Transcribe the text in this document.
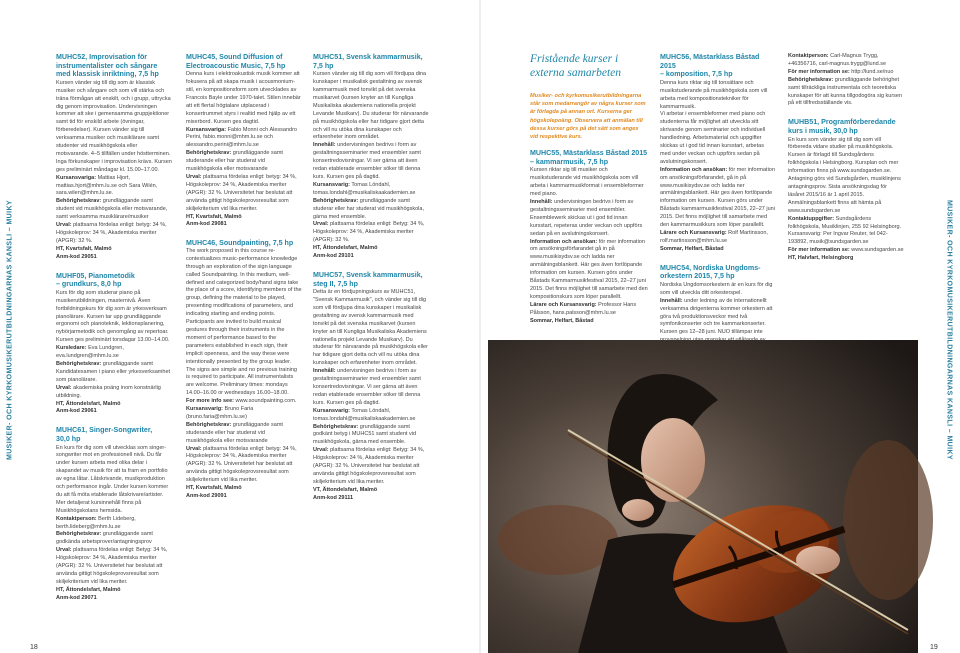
MUSIKER- OCH KYRKOMUSIKERUTBILDNINGARNAS KANSLI – MUIKY	MUSIKER- OCH KYRKOMUSIKERUTBILDNINGARNAS KANSLI – MUIKY
18	19
MUHC52, Improvisation för
instrumentalister och sångare med klassisk inriktning, 7,5 hp

Kursen vänder sig till dig som är klassisk musiker och sångare och som vill stärka och träna förmågan att enskilt, och i grupp, uttrycka dig genom improvisation. Undervisningen kommer att ske i gemensamma gruppjektioner samt tid för enskild arbete (övningar, förberedelser). Kursen vänder sig till verksamma musiker och musiklärare samt studenter vid musikhögskola eller motsvarande. 4–5 tillfällen under höstterminen. Inga förkunskaper i improvisation krävs. Kursen ges preliminärt måndagar kl. 15.00–17.00.

Kursansvariga: Mattias Hjort, mattias.hjort@mhm.lu.se och Sara Wilén, sara.wilen@mhm.lu.se.

Behörighetskrav: grundläggande samt student vid musikhögskola eller motsvarande, samt verksamma musiklärare/musiker

Urval: plattsarna fördelas enligt: betyg: 34 %, Högskoleprov: 34 %, Akademiska meriter (APGR): 32 %.

HT, Kvartsfalt, Malmö

Anm-kod 29051

MUHF05, Pianometodik
– grundkurs, 8,0 hp

Kurs för dig som studerar piano på musikerutbildningen, masternivå. Även fortbildningskurs för dig som är yrkesverksam pianolärare. Kursen tar upp grundläggande ergonomi och pianoteknik, lektionsplanering, nybörjarmetodik och genomgång av repertoar. Kursen ges preliminärt torsdagar 13.00–14.00.

Kursledare: Eva Lundgren, eva.lundgren@mhm.lu.se

Behörighetskrav: grundläggande samt Kandidatexamen i piano eller yrkesverksamhet som pianolärare.

Urval: akademiska poäng inom konstnärlig utbildning.

HT, Ättondelsfart, Malmö

Anm-kod 29061

MUHC61, Singer-Songwriter,
30,0 hp

En kurs för dig som vill utvecklas som singer-songwriter mot en professionell nivå. Du får under kursen arbeta med olika delar i skapandet av musik för att ta fram en portfolio av egna låtar. Låtskrivande, musikproduktion och performance ingår. Under kursen kommer du att få möta etablerade låtskrivare/artister. Mer detaljerat kursinnehåll finns på Musikhögskolans hemsida.

Kontaktperson: Berth Lideberg, berth.lideberg@mhm.lu.se

Behörighetskrav: grundläggande samt godkända arbetsprover/antagningsprov

Urval: plattsarna fördelas enligt: Betyg: 34 %, Högskoleprov: 34 %, Akademiska meriter (APGR): 32 %. Universitetet har beslutat att använda gittigt högskoleprovsresultat som skiljekriterium vid lika meriter.

HT, Ättondelsfart, Malmö

Anm-kod 29071

MUHC45, Sound Diffusion of
Electroacoustic Music, 7,5 hp

Denna kurs i elektroakustisk musik kommer att fokusera på att skapa musik i acousmonium-stil, en kompositionsform som utvecklades av Francois Bayle under 1970-talet. Stilen innebär att ett flertal högtalare utplacerad i konsertrummet styrs i realtid med hjälp av ett mixerbord. Kursen ges dagtid.

Kursansvariga: Fabio Monni och Alessandro Perini, fabio.monni@mhm.lu.se och alessandro.perini@mhm.lu.se

Behörighetskrav: grundläggande samt studerande eller har studerat vid musikhögskola eller motsvarande

Urval: plattsarna fördelas enligt: betyg: 34 %, Högskoleprov: 34 %, Akademiska meriter (APGR): 32 %. Universitetet har beslutat att använda gittigt högskoleprovsresultat som skiljekriterium vid lika meriter.

HT, Kvartsfalt, Malmö

Anm-kod 29081

MUHC46, Soundpainting, 7,5 hp

The work proposed in this course re-contextualizes music-performance knowledge through an exploration of the sign language called Soundpainting. In this medium, well-defined and categorized body/hand signs take the place of a score, identifying members of the group, defining the material to be played, presenting modifications of parameters, and indicating starting and ending points. Participants are invited to build musical gestures through their instruments in the moment of performance based to the parameters established in each sign, their implicit openness, and the way these were intentionally presented by the group leader. The signs are simple and no previous training is required to participate. All instrumentalists are welcome. Preliminary times: mondays 14.00–16.00 or wednesdays 16.00–18.00.

For more info see: www.soundpainting.com.

Kursansvarig: Bruno Faria (bruno.faria@mhm.lu.se)

Behörighetskrav: grundläggande samt studerande eller har studerat vid musikhögskola eller motsvarande

Urval: plattsarna fördelas enligt: betyg: 34 %, Högskoleprov: 34 %, Akademiska meriter (APGR): 32 %. Universitetet har beslutat att använda gittigt högskoleprovsresultat som skiljekriterium vid lika meriter.

HT, Kvartsfalt, Malmö

Anm-kod 29091

MUHC51, Svensk kammarmusik,
7,5 hp

Kursen vänder sig till dig som vill fördjupa dina kunskaper i musikalisk gestaltning av svensk kammarmusik med tonvikt på det svenska musikarvet (kursen knyter an till Kungliga Musikaliska akademiens nationella projekt Levande Musikarv). Du studerar för närvarande på musikhögskola eller har tidigare gjort detta och vill nu utöka dina kunskaper och erfarenheter inom området.

Innehåll: undervisningen bedrivs i form av gestaltningsseminarier med ensembler samt konsertredovisningar. Vi ser gärna att även redan etablerade ensembler söker till denna kurs. Kursen ges på dagtid.

Kursansvarig: Tomas Löndahl, tomas.londahl@musikaliskaakademien.se

Behörighetskrav: grundläggande samt studerar eller har studerat vid musikhögskola, gärna med ensemble.

Urval: plattsarna fördelas enligt: Betyg: 34 %, Högskoleprov: 34 %, Akademiska meriter (APGR): 32 %.

HT, Ättondelsfart, Malmö

Anm-kod 29101

MUHC57, Svensk kammarmusik,
steg II, 7,5 hp

Detta är en fördjupningskurs av MUHC51, "Svensk Kammarmusik", och vänder sig till dig som vill fördjupa dina kunskaper i musikalisk gestaltning av svensk kammarmusik med tonvikt på det svenska musikarvet (kursen knyter an till Kungliga Musikaliska Akademiens nationella projekt Levande Musikarv). Du studerar för närvarande på musikhögskola eller har tidigare gjort detta och vill nu utöka dina kunskaper och erfarenheter inom området.

Innehåll: undervisningen bedrivs i form av gestaltningsseminarier med ensembler samt konsertredovisningar. Vi ser gärna att även redan etablerade ensembler söker till denna kurs. Kursen ges på dagtid.

Kursansvarig: Tomas Löndahl, tomas.londahl@musikaliskaakademien.se

Behörighetskrav: grundläggande samt godkänt betyg i MUHC51 samt student vid musikhögskola, gärna med ensemble.

Urval: plattsarna fördelas enligt: Betyg: 34 %, Högskoleprov: 34 %, Akademiska meriter (APGR): 32 %. Universitetet har beslutat att använda gittigt högskoleprovsresultat som skiljekriterium vid lika meriter.

VT, Ättondelsfart, Malmö

Anm-kod 29111

Fristående kurser i externa samarbeten
Musiker- och kyrkomusikerutbildningarna står som medarrangör av några kurser som är förlagda på annan ort. Kurserna ger högskolepoäng. Observera att anmälan till dessa kurser görs på det sätt som anges vid respektive kurs.
MUHC55, Mästarklass Båstad 2015
– kammarmusik, 7,5 hp

Kursen riktar sig till musiker och musikstuderande vid musikhögskola som vill arbeta i kammarmusikformat i ensembleformer med piano.

Innehåll: undervisningen bedrivs i form av gestaltningsseminarier med ensembler. Ensemblewerk skickas ut i god tid innan kursstart, repeteras under veckan och uppförs sedan på en avslutningskonsert.

Information och ansökan: för mer information om ansökningsförfarandet gå in på www.musikisydsv.se och ladda ner anmälningsblankett. Här ges även fortlöpande information om kursen. Kursen görs under Båstads Kammarmusikfestival 2015, 22–27 juni 2015. Det finns möjlighet till samarbete med den kompositionskurs som löper parallellt.

Lärare och Kursansvarig: Professor Hans Pålsson, hans.palsson@mhm.lu.se

Sommar, Helfart, Båstad

MUHC56, Mästarklass Båstad 2015
– komposition, 7,5 hp

Denna kurs riktar sig till tonsättare och musikstuderande på musikhögskola som vill arbeta med kompositionstekniker för kammarmusik.

Vi arbetar i ensembleformer med piano och studenterna får möjlighet att utveckla sitt skrivande genom seminarier och individuell handledning. Arbetsmaterial och uppgifter skickas ut i god tid innan kursstart, arbetas med under veckan och uppförs sedan på avslutningskonsert.

Information och ansökan: för mer information om ansökningsförfarandet, gå in på www.musikisydsv.se och ladda ner anmälningsblankett. Här ges även fortlöpande information om kursen. Kursen görs under Båstads kammarmusikfestival 2015, 22–27 juni 2015. Det finns möjlighet till samarbete med den kammarmusikkurs som löper parallellt.

Lärare och Kursansvarig: Rolf Martinsson, rolf.martinsson@mhm.lu.se

Sommar, Helfart, Båstad

MUHC54, Nordiska Ungdoms-
orkestern 2015, 7,5 hp

Nordiska Ungdomsorkestern är en kurs för dig som vill utveckla ditt orkesterspel.

Innehåll: under ledning av de internationellt verksamma dirigenterna kommer orkestern att göra två produktionsveckor med två symfonikonserter och tre kammarkonserter. Kursen ges 12–28 juni. NUO tillämpar inte

Kontaktperson: Carl-Magnus Trygg, +46356716, carl-magnus.trygg@lund.se

För mer information se: http://lund.se/nuo

Behörighetskrav: grundläggande behörighet samt tillräckliga instrumentala och teoretiska kunskaper för att kunna tillgodogöra sig kursen på ett tillfredsställande vis.

MUHB51, Programförberedande
kurs i musik, 30,0 hp

En kurs som vänder sig till dig som vill förbereda vidare studier på musikhögskola. Kursen är förlagd till Sundsgårdens folkhögskola i Helsingborg. Kursplan och mer information finns på www.sundsgarden.se. Antagning görs vid Sundsgården, musiklinjens antagningsprov. Sista ansökningsdag för läsåret 2015/16 är 1 april 2015. Anmälningsblankett finns att hämta på www.sundsgarden.se

Kontaktuppgifter: Sundsgårdens folkhögskola, Musiklinjen, 255 92 Helsingborg. Kursansvarig: Per Ingvar Reuter, tel 042-193892, musik@sundsgarden.se

För mer information se: www.sundsgarden.se

HT, Halvfart, Helsingborg
